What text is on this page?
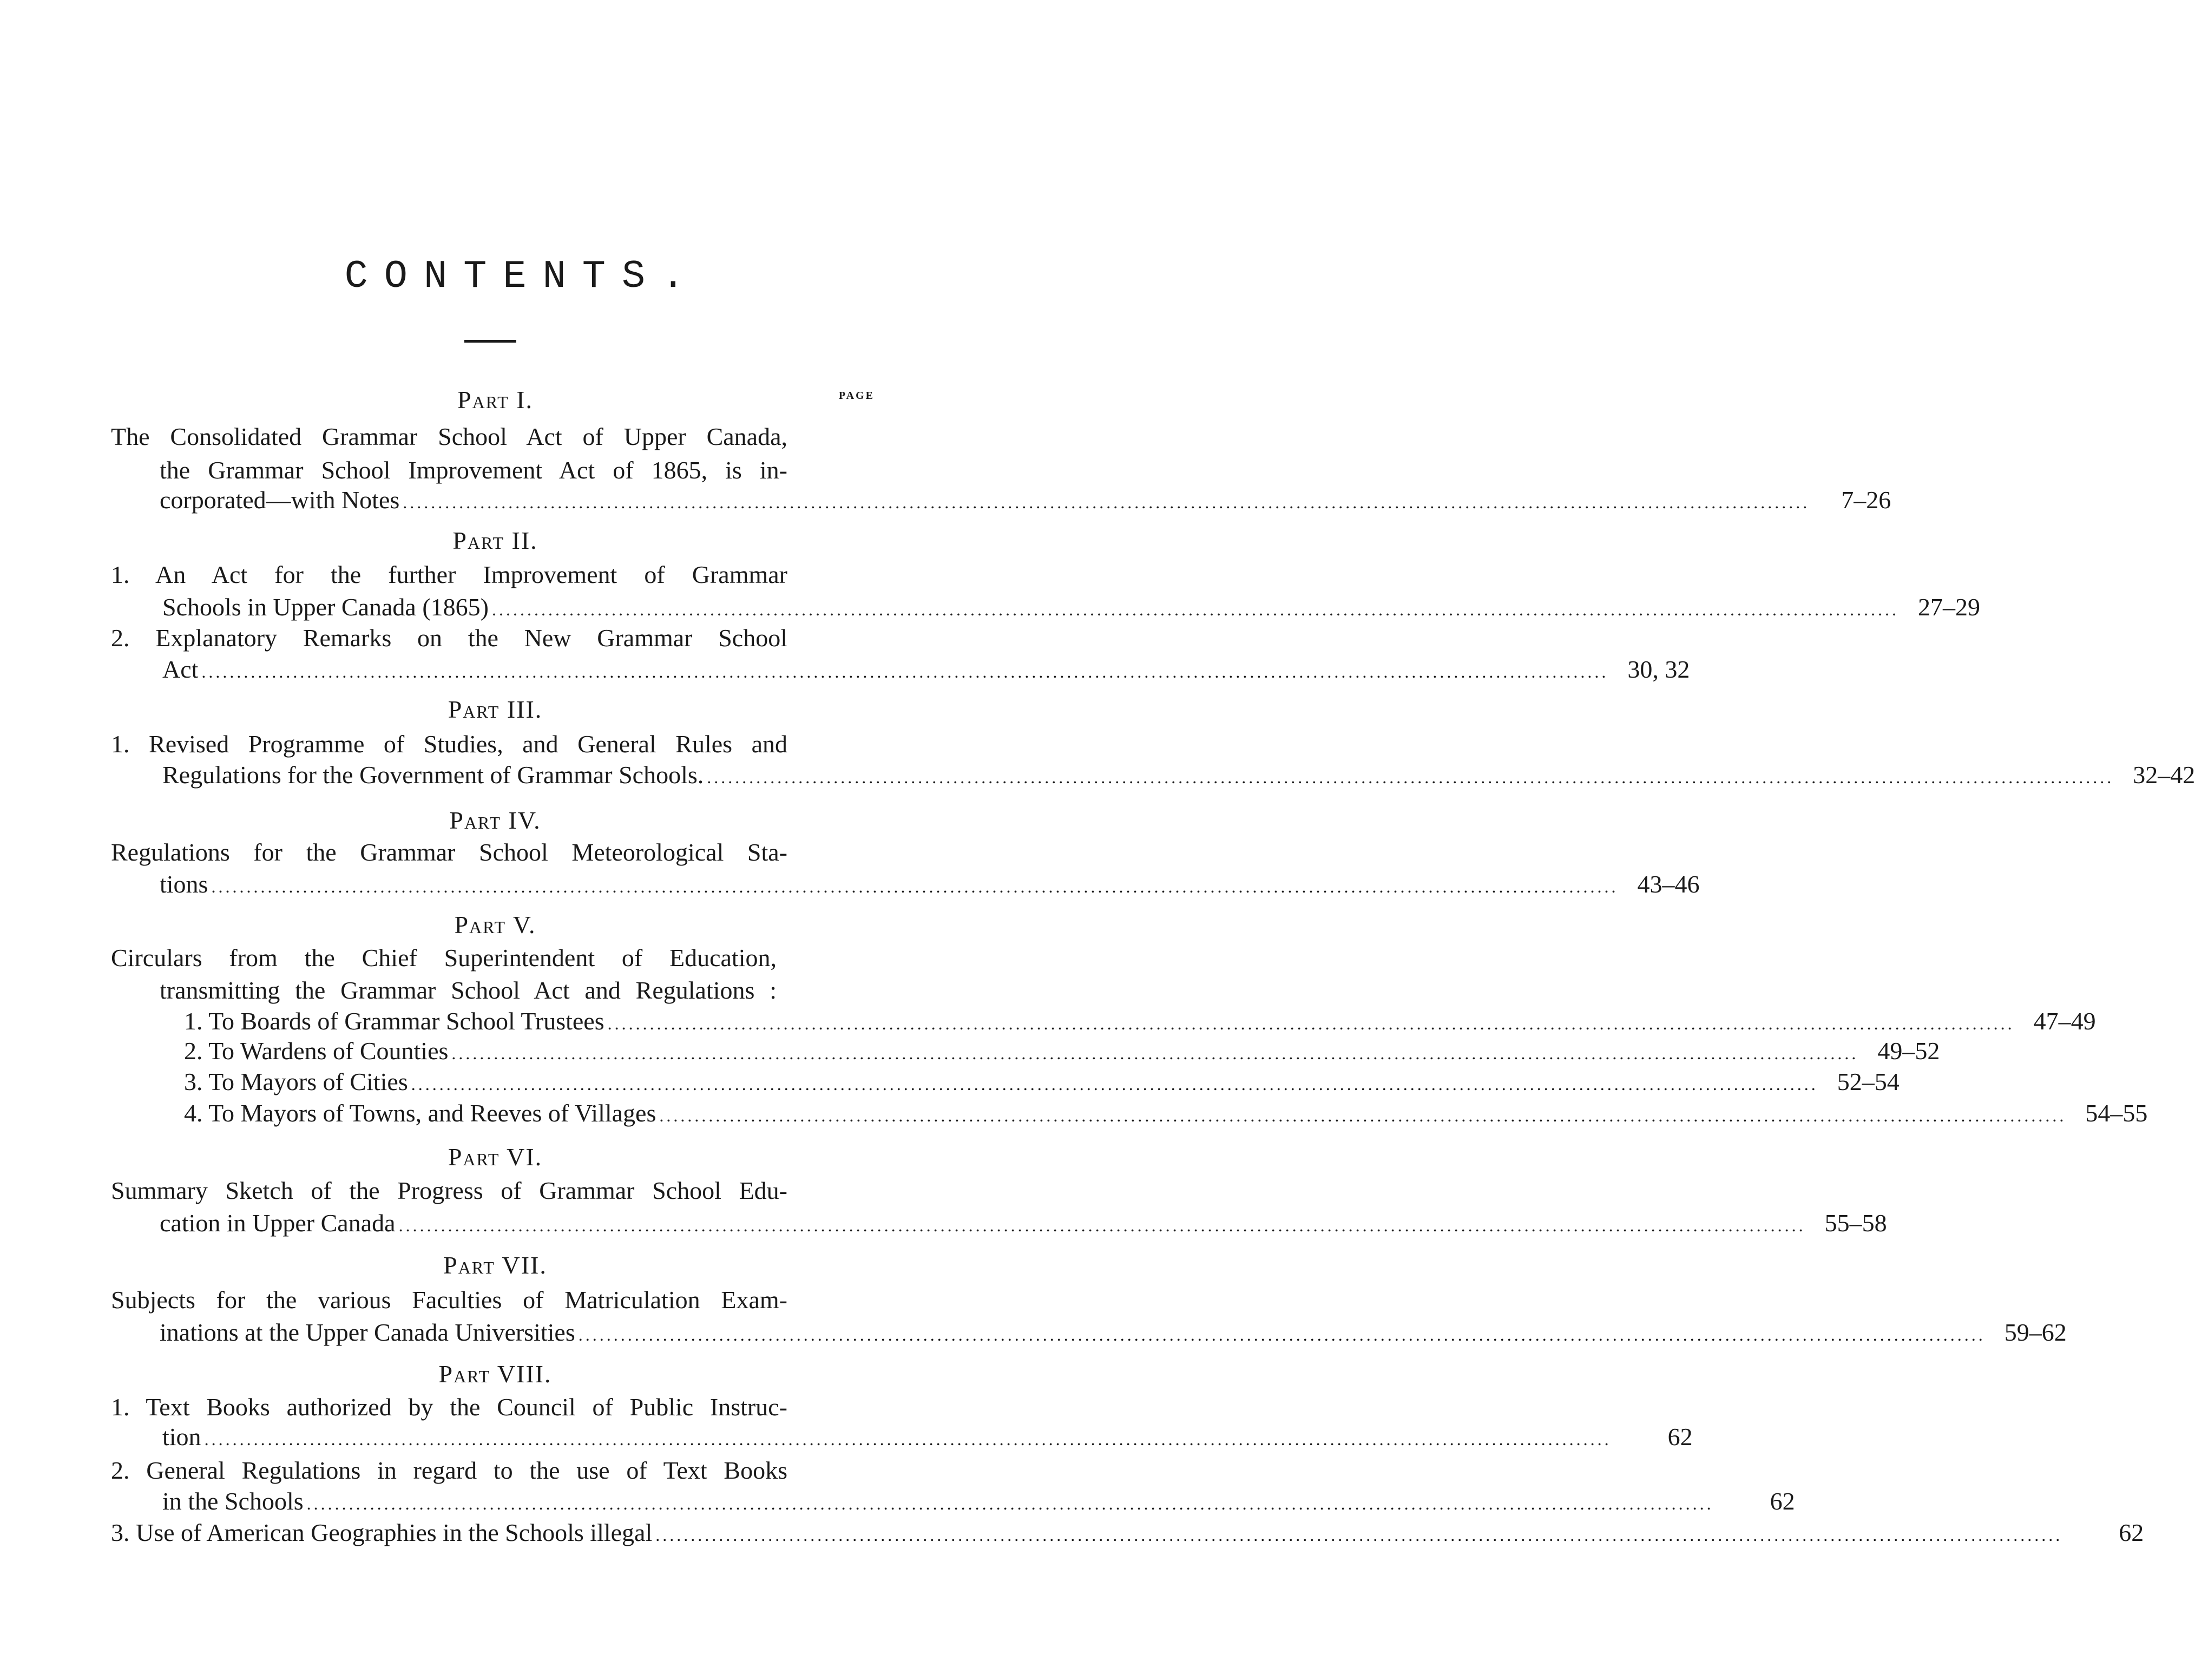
CONTENTS.
PAGE
Part I.
The Consolidated Grammar School Act of Upper Canada,
the Grammar School Improvement Act of 1865, is in-
corporated—with Notes ........................................................................................................................................................................................................	7–26
Part II.
1. An Act for the further Improvement of Grammar
Schools in Upper Canada (1865) ........................................................................................................................................................................................................ 27–29
2. Explanatory Remarks on the New Grammar School
Act ........................................................................................................................................................................................................ 30, 32
Part III.
1. Revised Programme of Studies, and General Rules and
Regulations for the Government of Grammar Schools. ........................................................................................................................................................................................................ 32–42
Part IV.
Regulations for the Grammar School Meteorological Sta-
tions ........................................................................................................................................................................................................ 43–46
Part V.
Circulars from the Chief Superintendent of Education,
transmitting the Grammar School Act and Regulations :
1. To Boards of Grammar School Trustees ........................................................................................................................................................................................................ 47–49
2. To Wardens of Counties ........................................................................................................................................................................................................ 49–52
3. To Mayors of Cities ........................................................................................................................................................................................................ 52–54
4. To Mayors of Towns, and Reeves of Villages ........................................................................................................................................................................................................ 54–55
Part VI.
Summary Sketch of the Progress of Grammar School Edu-
cation in Upper Canada ........................................................................................................................................................................................................ 55–58
Part VII.
Subjects for the various Faculties of Matriculation Exam-
inations at the Upper Canada Universities ........................................................................................................................................................................................................ 59–62
Part VIII.
1. Text Books authorized by the Council of Public Instruc-
tion ........................................................................................................................................................................................................	62
2. General Regulations in regard to the use of Text Books
in the Schools ........................................................................................................................................................................................................	62
3. Use of American Geographies in the Schools illegal ........................................................................................................................................................................................................	62
